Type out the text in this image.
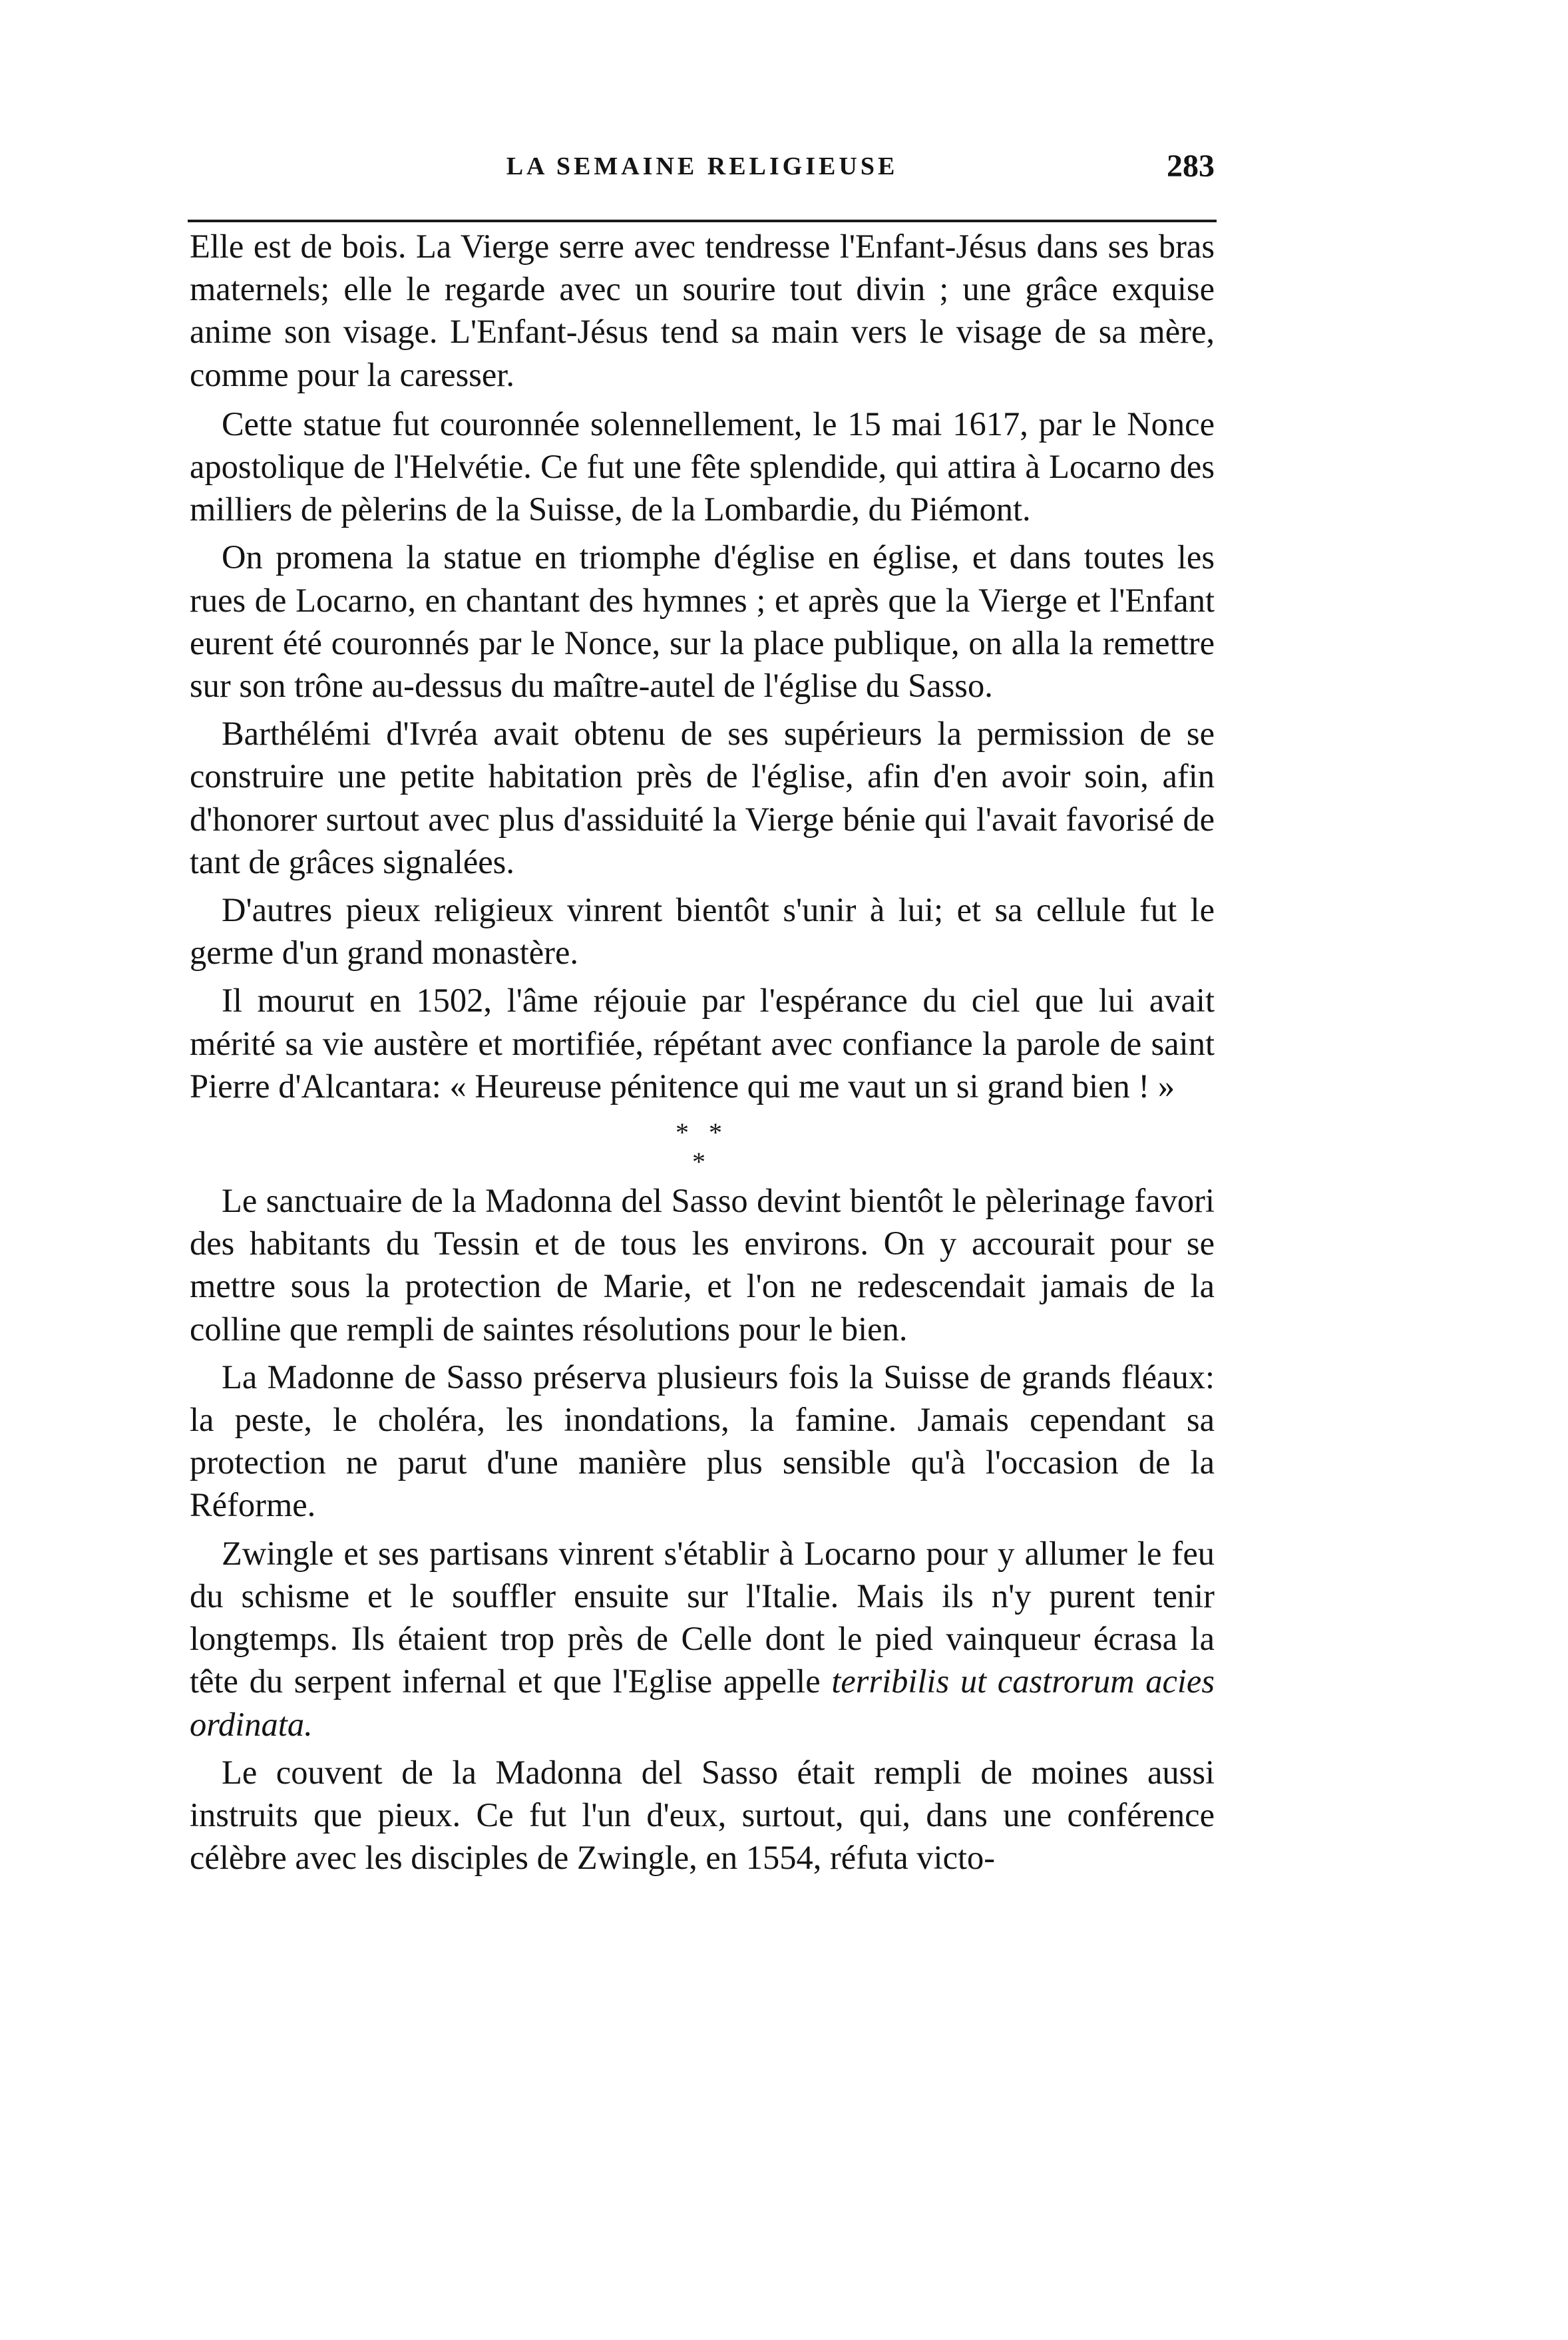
LA SEMAINE RELIGIEUSE	283

Elle est de bois. La Vierge serre avec tendresse l'Enfant-Jésus dans ses bras maternels; elle le regarde avec un sourire tout divin ; une grâce exquise anime son visage. L'Enfant-Jésus tend sa main vers le visage de sa mère, comme pour la caresser.

Cette statue fut couronnée solennellement, le 15 mai 1617, par le Nonce apostolique de l'Helvétie. Ce fut une fête splendide, qui attira à Locarno des milliers de pèlerins de la Suisse, de la Lombardie, du Piémont.

On promena la statue en triomphe d'église en église, et dans toutes les rues de Locarno, en chantant des hymnes ; et après que la Vierge et l'Enfant eurent été couronnés par le Nonce, sur la place publique, on alla la remettre sur son trône au-dessus du maître-autel de l'église du Sasso.

Barthélémi d'Ivréa avait obtenu de ses supérieurs la permission de se construire une petite habitation près de l'église, afin d'en avoir soin, afin d'honorer surtout avec plus d'assiduité la Vierge bénie qui l'avait favorisé de tant de grâces signalées.

D'autres pieux religieux vinrent bientôt s'unir à lui; et sa cellule fut le germe d'un grand monastère.

Il mourut en 1502, l'âme réjouie par l'espérance du ciel que lui avait mérité sa vie austère et mortifiée, répétant avec confiance la parole de saint Pierre d'Alcantara: « Heureuse pénitence qui me vaut un si grand bien ! »

* *
*

Le sanctuaire de la Madonna del Sasso devint bientôt le pèlerinage favori des habitants du Tessin et de tous les environs. On y accourait pour se mettre sous la protection de Marie, et l'on ne redescendait jamais de la colline que rempli de saintes résolutions pour le bien.

La Madonne de Sasso préserva plusieurs fois la Suisse de grands fléaux: la peste, le choléra, les inondations, la famine. Jamais cependant sa protection ne parut d'une manière plus sensible qu'à l'occasion de la Réforme.

Zwingle et ses partisans vinrent s'établir à Locarno pour y allumer le feu du schisme et le souffler ensuite sur l'Italie. Mais ils n'y purent tenir longtemps. Ils étaient trop près de Celle dont le pied vainqueur écrasa la tête du serpent infernal et que l'Eglise appelle terribilis ut castrorum acies ordinata.

Le couvent de la Madonna del Sasso était rempli de moines aussi instruits que pieux. Ce fut l'un d'eux, surtout, qui, dans une conférence célèbre avec les disciples de Zwingle, en 1554, réfuta victo-
